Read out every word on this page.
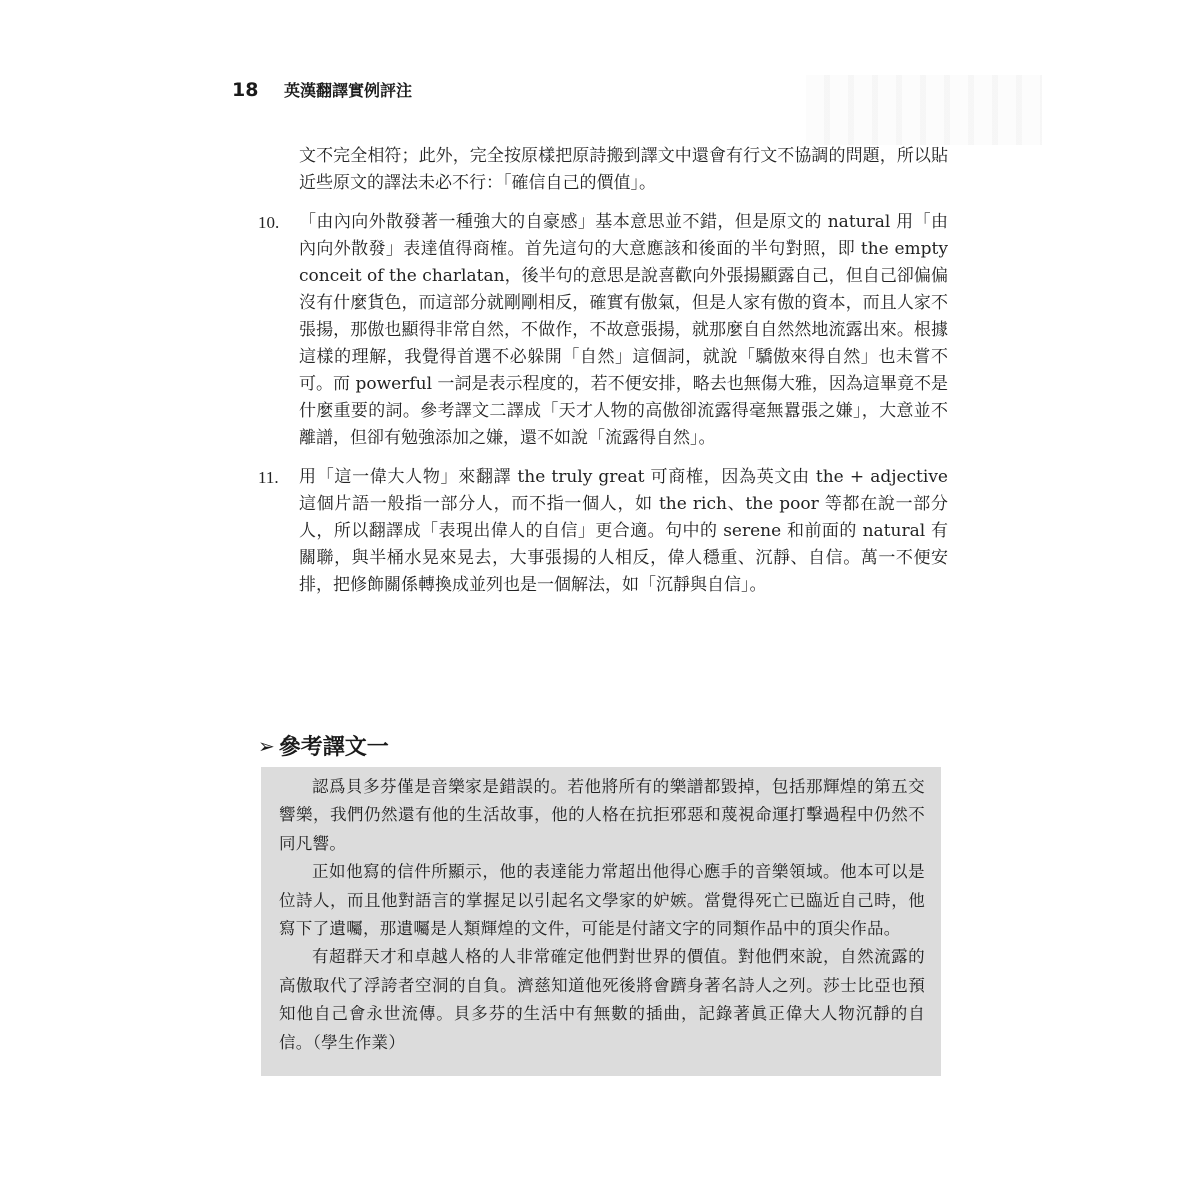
18 英漢翻譯實例評注

文不完全相符；此外，完全按原樣把原詩搬到譯文中還會有行文不協調的問題，所以貼近些原文的譯法未必不行：「確信自己的價值」。

10. 「由內向外散發著一種強大的自豪感」基本意思並不錯，但是原文的 natural 用「由內向外散發」表達值得商榷。首先這句的大意應該和後面的半句對照，即 the empty conceit of the charlatan，後半句的意思是說喜歡向外張揚顯露自己，但自己卻偏偏沒有什麼貨色，而這部分就剛剛相反，確實有傲氣，但是人家有傲的資本，而且人家不張揚，那傲也顯得非常自然，不做作，不故意張揚，就那麼自自然然地流露出來。根據這樣的理解，我覺得首選不必躲開「自然」這個詞，就說「驕傲來得自然」也未嘗不可。而 powerful 一詞是表示程度的，若不便安排，略去也無傷大雅，因為這畢竟不是什麼重要的詞。參考譯文二譯成「天才人物的高傲卻流露得毫無囂張之嫌」，大意並不離譜，但卻有勉強添加之嫌，還不如說「流露得自然」。

11. 用「這一偉大人物」來翻譯 the truly great 可商榷，因為英文由 the + adjective 這個片語一般指一部分人，而不指一個人，如 the rich、the poor 等都在說一部分人，所以翻譯成「表現出偉人的自信」更合適。句中的 serene 和前面的 natural 有關聯，與半桶水晃來晃去，大事張揚的人相反，偉人穩重、沉靜、自信。萬一不便安排，把修飾關係轉換成並列也是一個解法，如「沉靜與自信」。

➢ 參考譯文一

認爲貝多芬僅是音樂家是錯誤的。若他將所有的樂譜都毀掉，包括那輝煌的第五交響樂，我們仍然還有他的生活故事，他的人格在抗拒邪惡和蔑視命運打擊過程中仍然不同凡響。

正如他寫的信件所顯示，他的表達能力常超出他得心應手的音樂領域。他本可以是位詩人，而且他對語言的掌握足以引起名文學家的妒嫉。當覺得死亡已臨近自己時，他寫下了遺囑，那遺囑是人類輝煌的文件，可能是付諸文字的同類作品中的頂尖作品。

有超群天才和卓越人格的人非常確定他們對世界的價值。對他們來說，自然流露的高傲取代了浮誇者空洞的自負。濟慈知道他死後將會躋身著名詩人之列。莎士比亞也預知他自己會永世流傳。貝多芬的生活中有無數的插曲，記錄著眞正偉大人物沉靜的自信。（學生作業）
